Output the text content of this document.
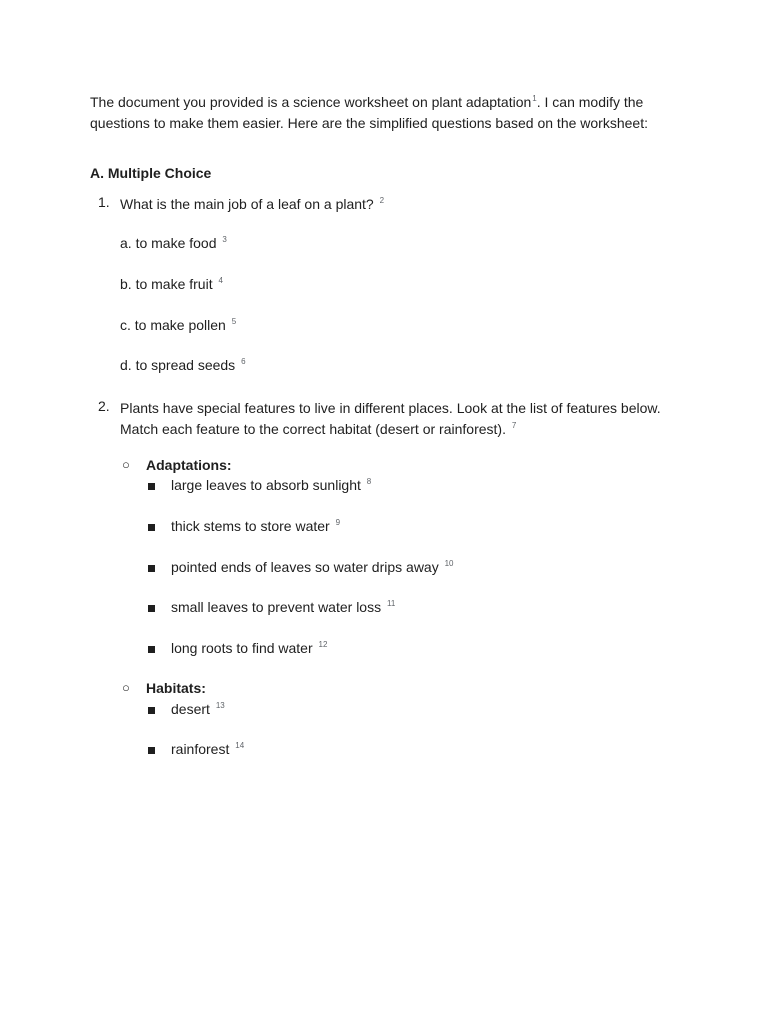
The document you provided is a science worksheet on plant adaptation$^1$. I can modify the questions to make them easier. Here are the simplified questions based on the worksheet:
A. Multiple Choice
1. What is the main job of a leaf on a plant? $^2$
a. to make food $^3$
b. to make fruit $^4$
c. to make pollen $^5$
d. to spread seeds $^6$
2. Plants have special features to live in different places. Look at the list of features below. Match each feature to the correct habitat (desert or rainforest). $^7$
○ Adaptations:
large leaves to absorb sunlight $^8$
thick stems to store water $^9$
pointed ends of leaves so water drips away $^{10}$
small leaves to prevent water loss $^{11}$
long roots to find water $^{12}$
○ Habitats:
desert $^{13}$
rainforest $^{14}$
